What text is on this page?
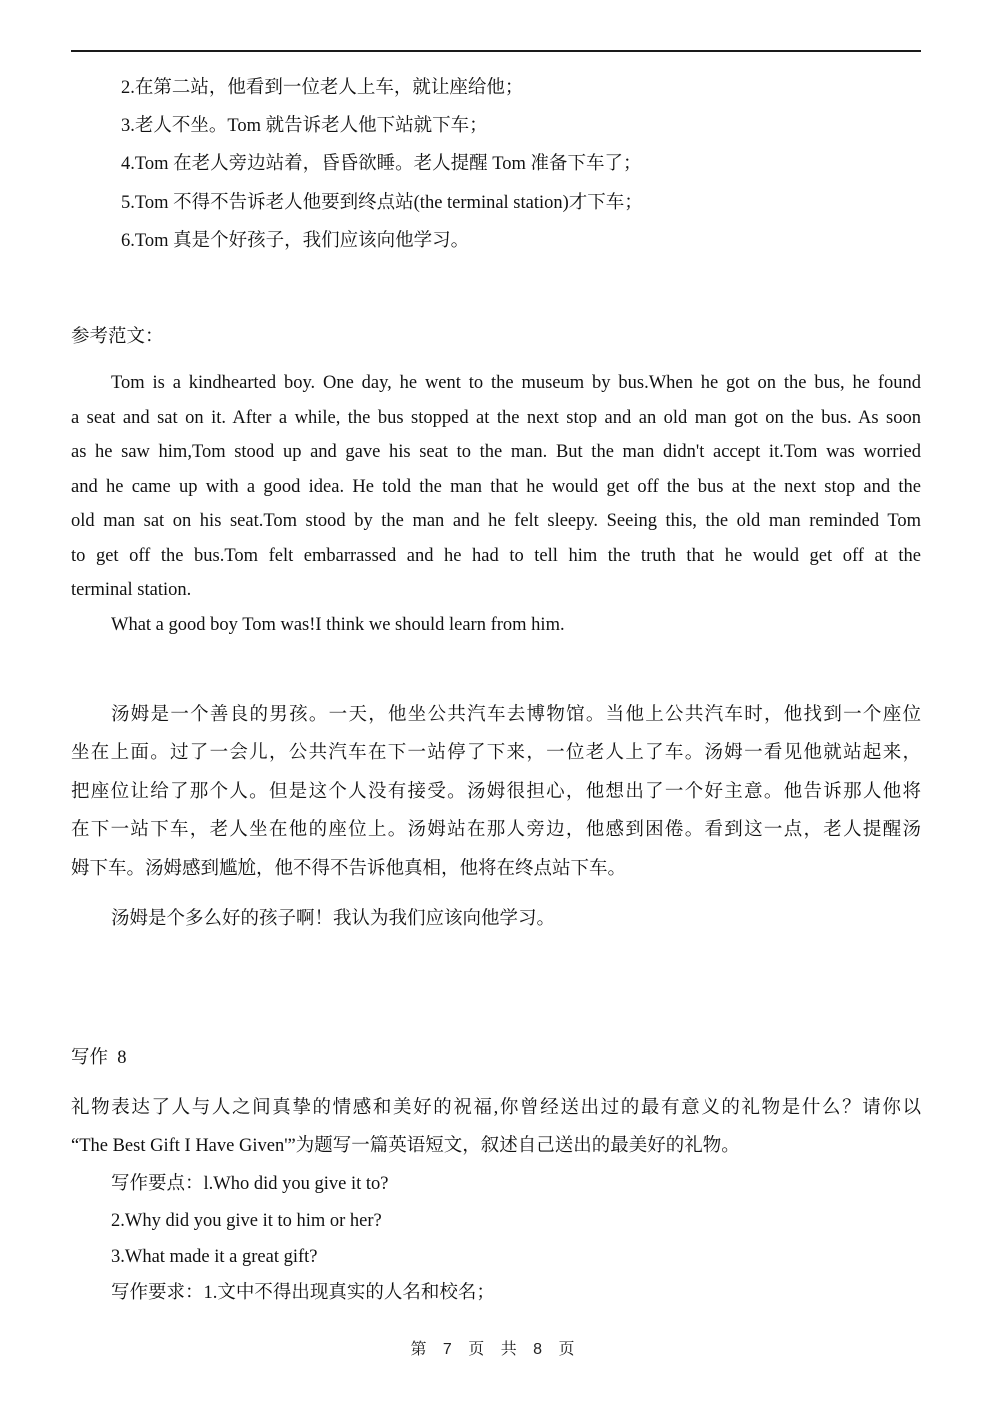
2.在第二站，他看到一位老人上车，就让座给他；
3.老人不坐。Tom 就告诉老人他下站就下车；
4.Tom 在老人旁边站着，昏昏欲睡。老人提醒 Tom 准备下车了；
5.Tom 不得不告诉老人他要到终点站(the terminal station)才下车；
6.Tom 真是个好孩子，我们应该向他学习。
参考范文：
Tom is a kindhearted boy. One day, he went to the museum by bus.When he got on the bus, he found
a seat and sat on it. After a while, the bus stopped at the next stop and an old man got on the bus. As soon
as he saw him,Tom stood up and gave his seat to the man. But the man didn't accept it.Tom was worried
and he came up with a good idea. He told the man that he would get off the bus at the next stop and the
old man sat on his seat.Tom stood by the man and he felt sleepy. Seeing this, the old man reminded Tom
to get off the bus.Tom felt embarrassed and he had to tell him the truth that he would get off at the
terminal station.
What a good boy Tom was!I think we should learn from him.
汤姆是一个善良的男孩。一天，他坐公共汽车去博物馆。当他上公共汽车时，他找到一个座位
坐在上面。过了一会儿，公共汽车在下一站停了下来，一位老人上了车。汤姆一看见他就站起来，
把座位让给了那个人。但是这个人没有接受。汤姆很担心，他想出了一个好主意。他告诉那人他将
在下一站下车，老人坐在他的座位上。汤姆站在那人旁边，他感到困倦。看到这一点，老人提醒汤
姆下车。汤姆感到尴尬，他不得不告诉他真相，他将在终点站下车。
汤姆是个多么好的孩子啊！我认为我们应该向他学习。
写作  8
礼物表达了人与人之间真挚的情感和美好的祝福,你曾经送出过的最有意义的礼物是什么？请你以
“The Best Gift I Have Given'”为题写一篇英语短文，叙述自己送出的最美好的礼物。
写作要点：l.Who did you give it to?
2.Why did you give it to him or her?
3.What made it a great gift?
写作要求：1.文中不得出现真实的人名和校名；
第 7 页 共 8 页
